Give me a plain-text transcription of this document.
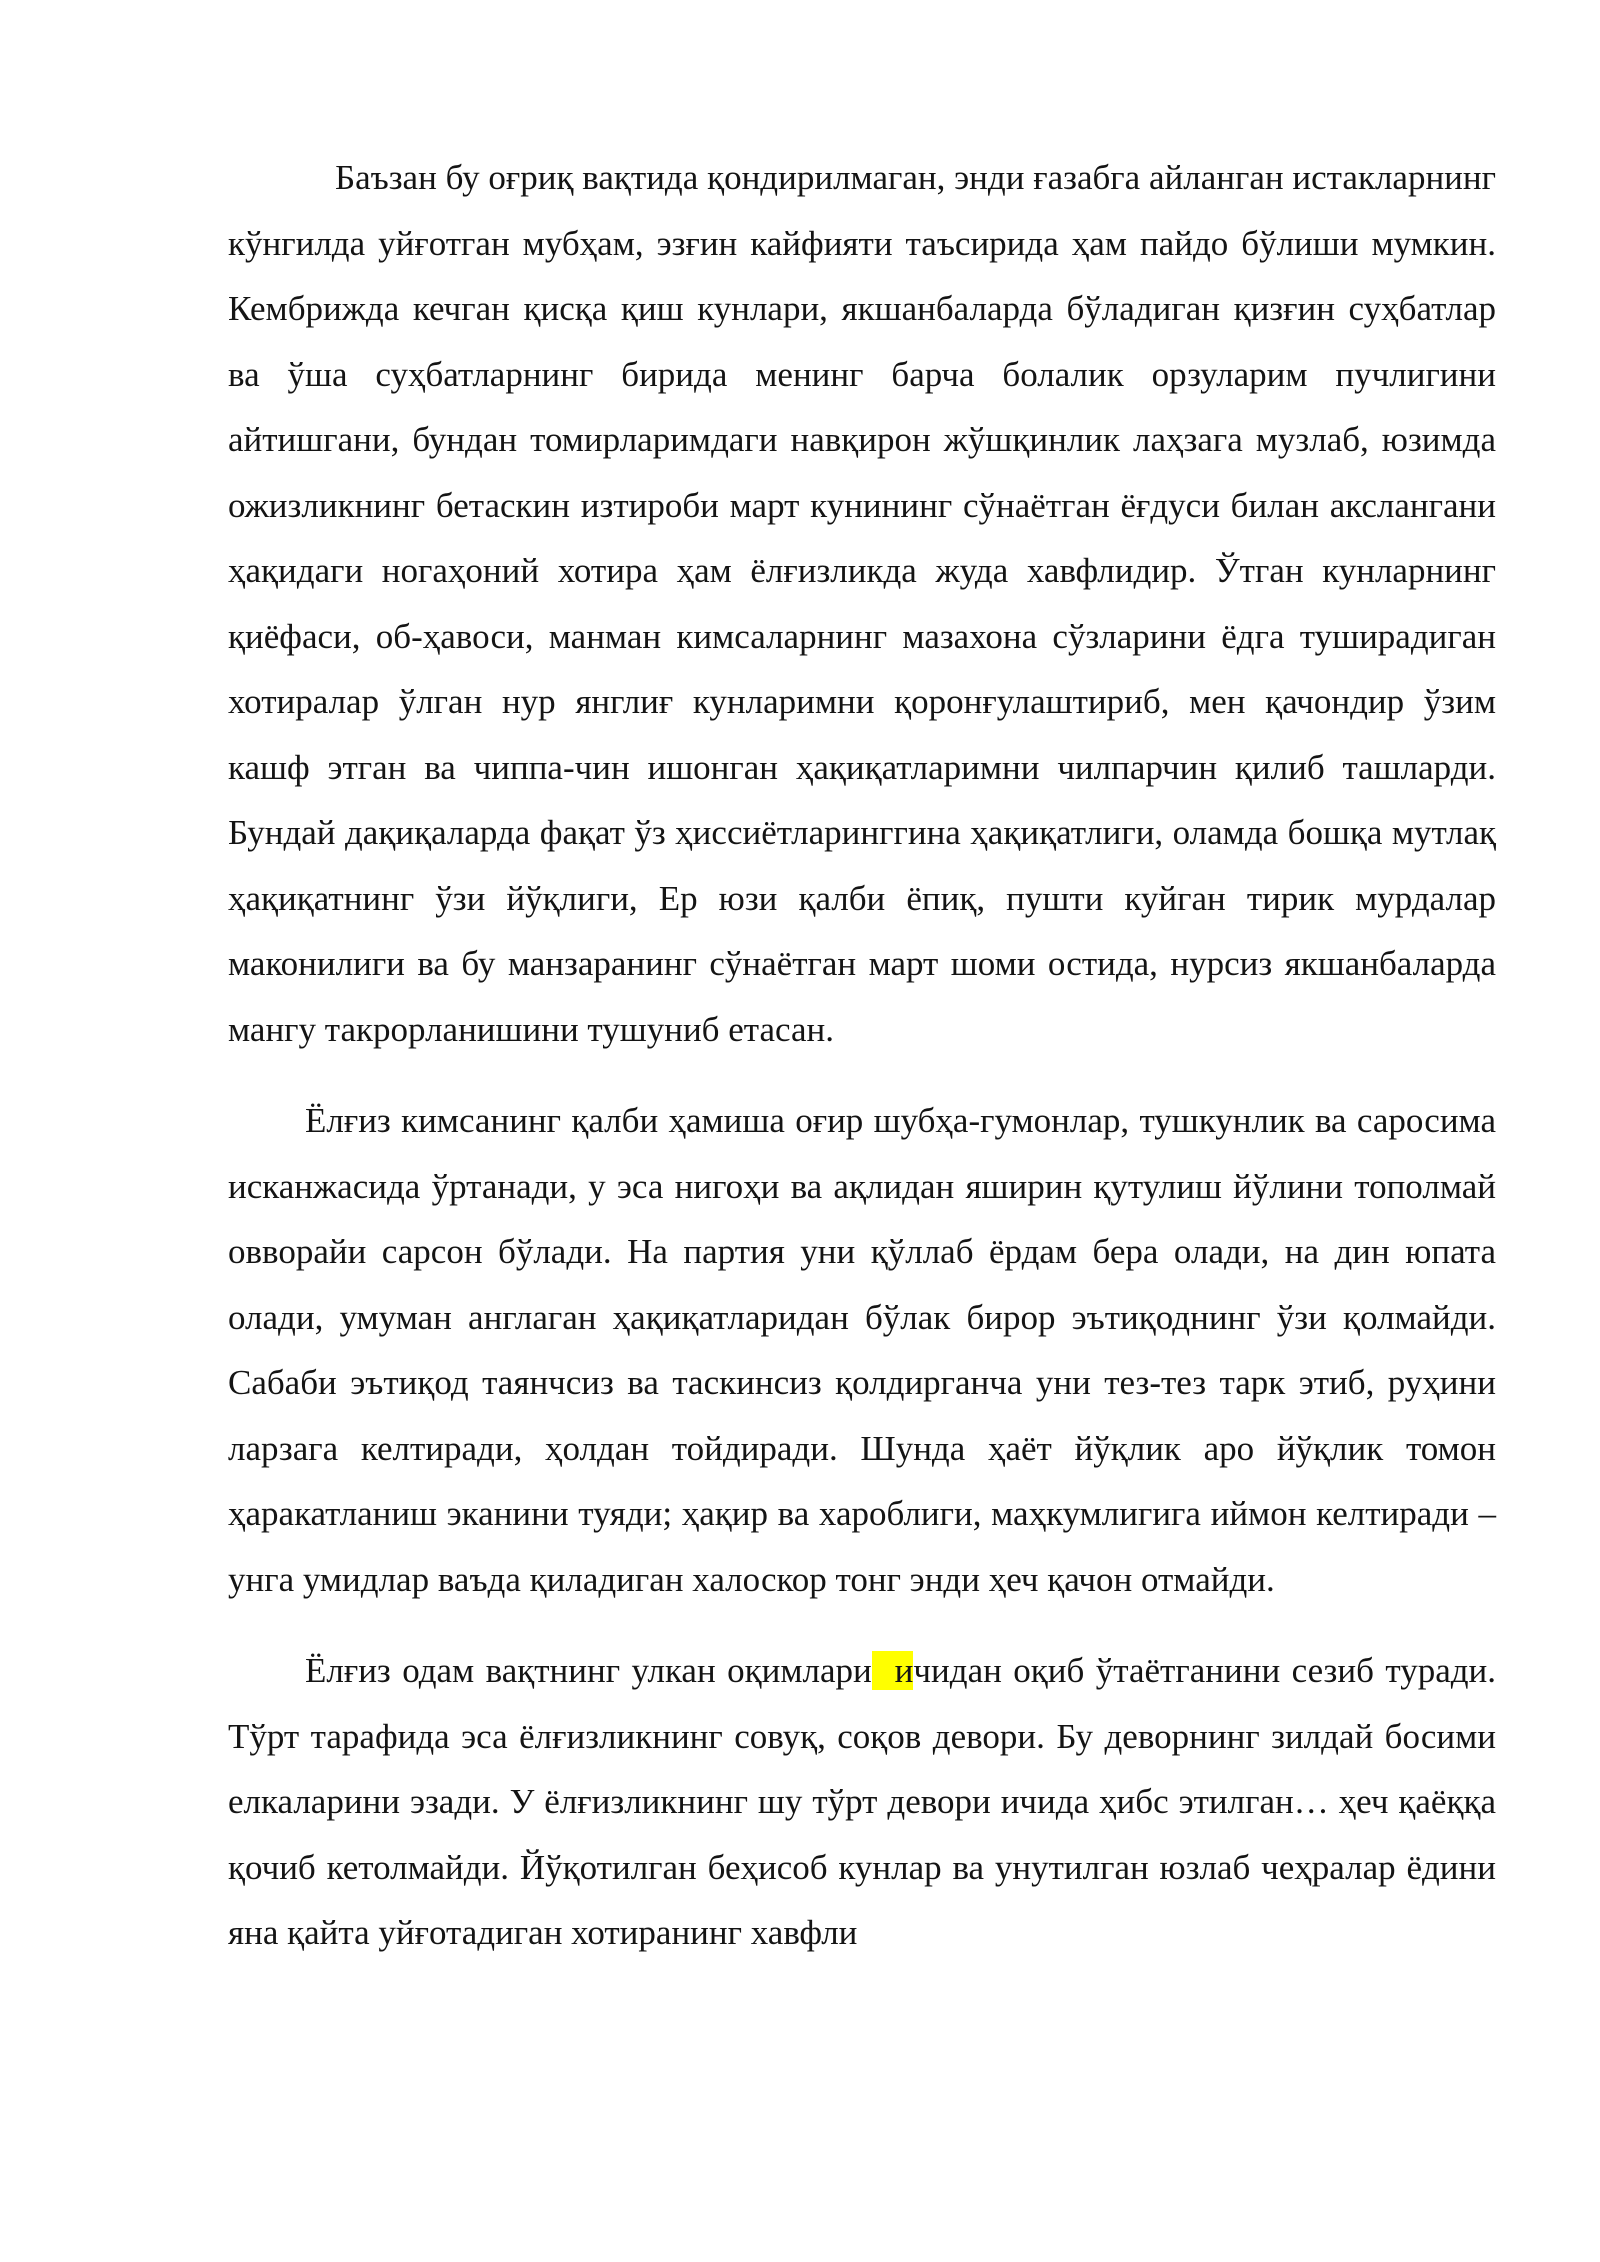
Баъзан бу оғриқ вақтида қондирилмаган, энди ғазабга айланган истакларнинг кўнгилда уйғотган мубҳам, эзғин кайфияти таъсирида ҳам пайдо бўлиши мумкин. Кембрижда кечган қисқа қиш кунлари, якшанбаларда бўладиган қизғин суҳбатлар ва ўша суҳбатларнинг бирида менинг барча болалик орзуларим пучлигини айтишгани, бундан томирларимдаги навқирон жўшқинлик лаҳзага музлаб, юзимда ожизликнинг бетаскин изтироби март кунининг сўнаётган ёғдуси билан акслангани ҳақидаги ногаҳоний хотира ҳам ёлғизликда жуда хавфлидир. Ўтган кунларнинг қиёфаси, об-ҳавоси, манман кимсаларнинг мазахона сўзларини ёдга туширадиган хотиралар ўлган нур янглиғ кунларимни қоронғулаштириб, мен қачондир ўзим кашф этган ва чиппа-чин ишонган ҳақиқатларимни чилпарчин қилиб ташларди. Бундай дақиқаларда фақат ўз ҳиссиётларинггина ҳақиқатлиги, оламда бошқа мутлақ ҳақиқатнинг ўзи йўқлиги, Ер юзи қалби ёпиқ, пушти куйган тирик мурдалар маконилиги ва бу манзаранинг сўнаётган март шоми остида, нурсиз якшанбаларда мангу такрорланишини тушуниб етасан.

Ёлғиз кимсанинг қалби ҳамиша оғир шубҳа-гумонлар, тушкунлик ва саросима исканжасида ўртанади, у эса нигоҳи ва ақлидан яширин қутулиш йўлини тополмай овворайи сарсон бўлади. На партия уни қўллаб ёрдам бера олади, на дин юпата олади, умуман англаган ҳақиқатларидан бўлак бирор эътиқоднинг ўзи қолмайди. Сабаби эътиқод таянчсиз ва таскинсиз қолдирганча уни тез-тез тарк этиб, руҳини ларзага келтиради, ҳолдан тойдиради. Шунда ҳаёт йўқлик аро йўқлик томон ҳаракатланиш эканини туяди; ҳақир ва хароблиги, маҳкумлигига иймон келтиради – унга умидлар ваъда қиладиган халоскор тонг энди ҳеч қачон отмайди.

Ёлғиз одам вақтнинг улкан оқимлари  ичидан оқиб ўтаётганини сезиб туради. Тўрт тарафида эса ёлғизликнинг совуқ, соқов девори. Бу деворнинг зилдай босими елкаларини эзади. У ёлғизликнинг шу тўрт девори ичида ҳибс этилган… ҳеч қаёққа қочиб кетолмайди. Йўқотилган беҳисоб кунлар ва унутилган юзлаб чеҳралар ёдини яна қайта уйғотадиган хотиранинг хавфли
